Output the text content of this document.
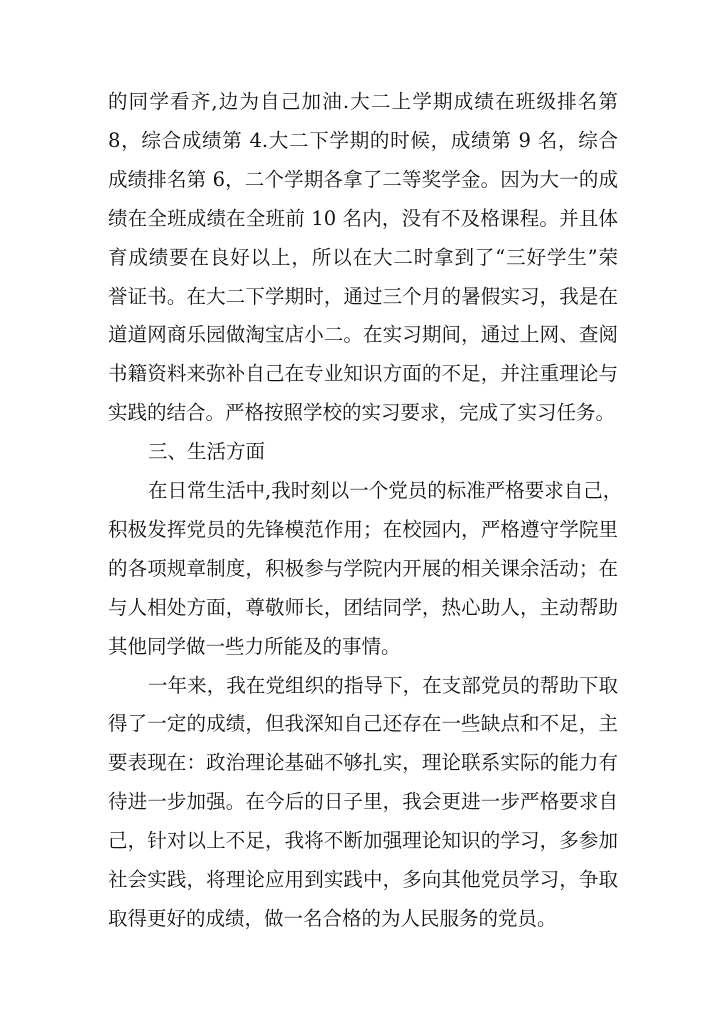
的同学看齐,边为自己加油.大二上学期成绩在班级排名第
8，综合成绩第 4.大二下学期的时候，成绩第 9 名，综合
成绩排名第 6，二个学期各拿了二等奖学金。因为大一的成
绩在全班成绩在全班前 10 名内，没有不及格课程。并且体
育成绩要在良好以上，所以在大二时拿到了“三好学生”荣
誉证书。在大二下学期时，通过三个月的暑假实习，我是在
道道网商乐园做淘宝店小二。在实习期间，通过上网、查阅
书籍资料来弥补自己在专业知识方面的不足，并注重理论与
实践的结合。严格按照学校的实习要求，完成了实习任务。
三、生活方面
在日常生活中,我时刻以一个党员的标准严格要求自己，
积极发挥党员的先锋模范作用；在校园内，严格遵守学院里
的各项规章制度，积极参与学院内开展的相关课余活动；在
与人相处方面，尊敬师长，团结同学，热心助人，主动帮助
其他同学做一些力所能及的事情。
一年来，我在党组织的指导下，在支部党员的帮助下取
得了一定的成绩，但我深知自己还存在一些缺点和不足，主
要表现在：政治理论基础不够扎实，理论联系实际的能力有
待进一步加强。在今后的日子里，我会更进一步严格要求自
己，针对以上不足，我将不断加强理论知识的学习，多参加
社会实践，将理论应用到实践中，多向其他党员学习，争取
取得更好的成绩，做一名合格的为人民服务的党员。
